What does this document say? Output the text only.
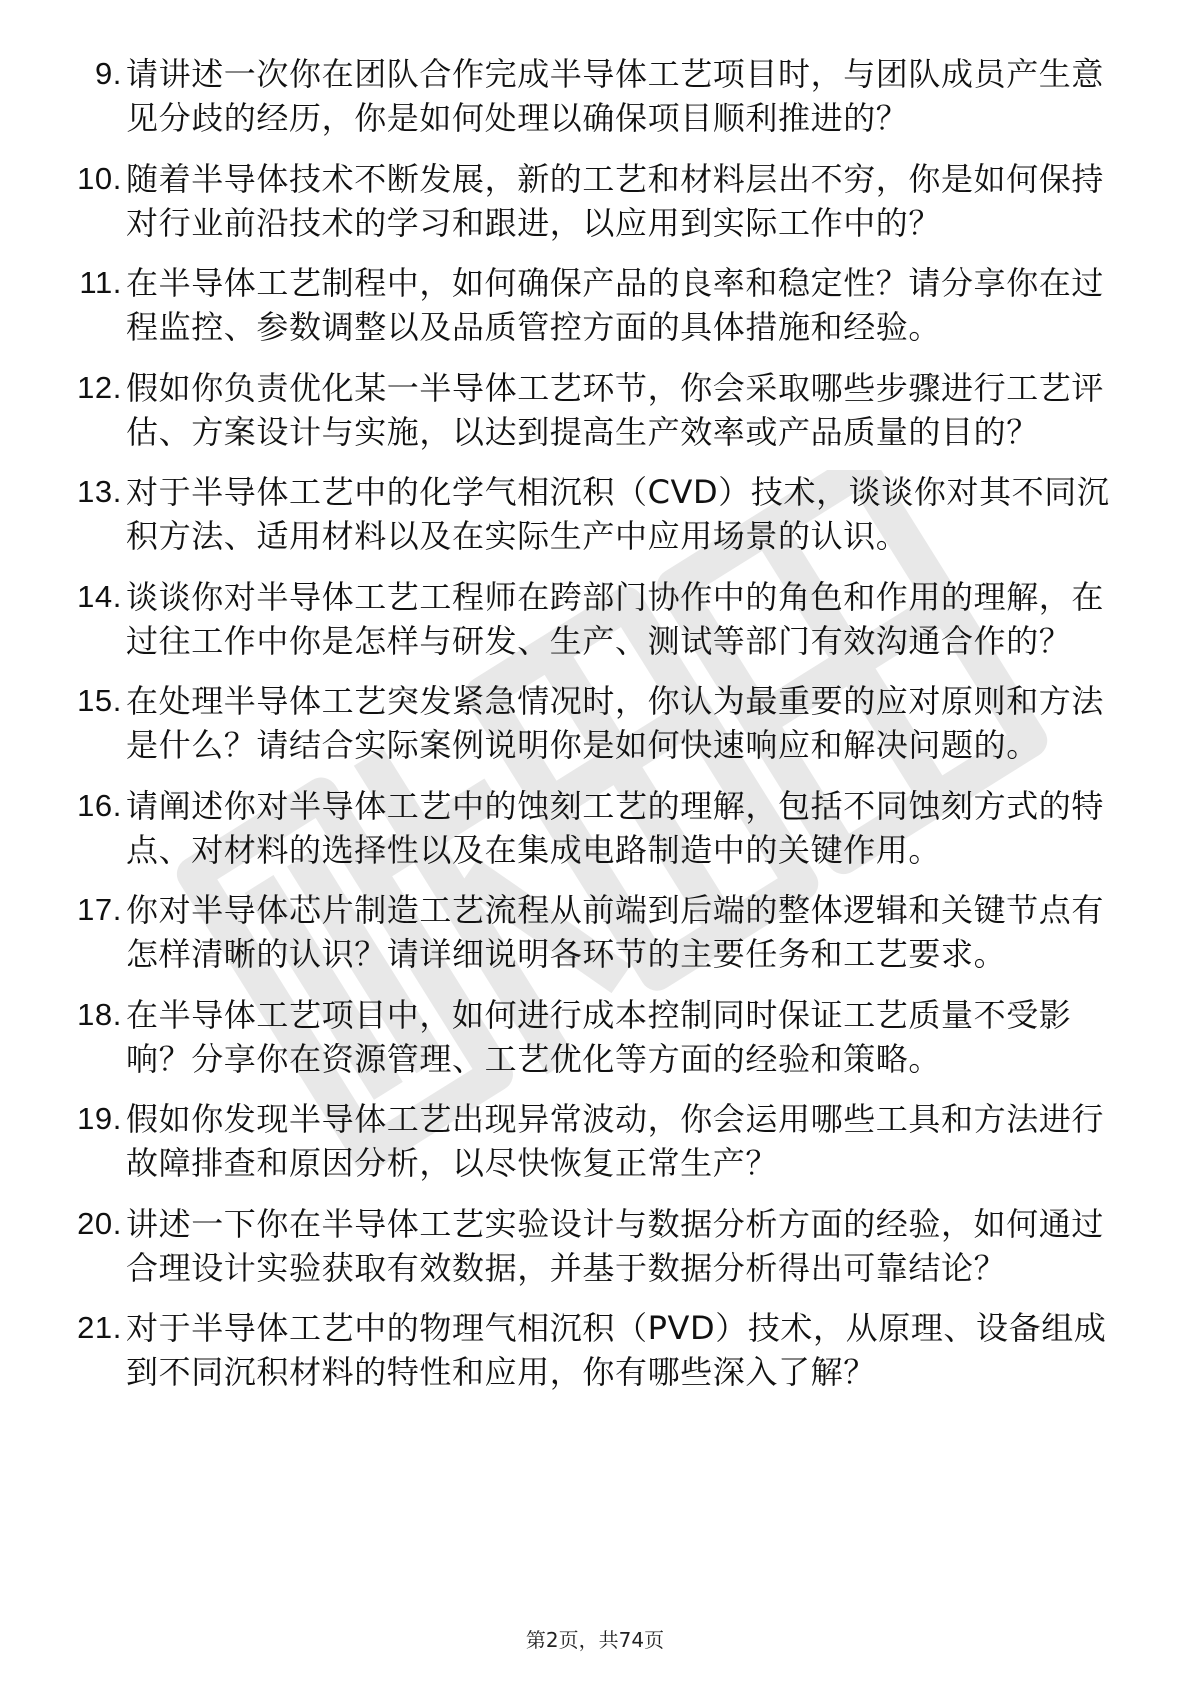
9. 请讲述一次你在团队合作完成半导体工艺项目时，与团队成员产生意见分歧的经历，你是如何处理以确保项目顺利推进的？
10. 随着半导体技术不断发展，新的工艺和材料层出不穷，你是如何保持对行业前沿技术的学习和跟进，以应用到实际工作中的？
11. 在半导体工艺制程中，如何确保产品的良率和稳定性？请分享你在过程监控、参数调整以及品质管控方面的具体措施和经验。
12. 假如你负责优化某一半导体工艺环节，你会采取哪些步骤进行工艺评估、方案设计与实施，以达到提高生产效率或产品质量的目的？
13. 对于半导体工艺中的化学气相沉积（CVD）技术，谈谈你对其不同沉积方法、适用材料以及在实际生产中应用场景的认识。
14. 谈谈你对半导体工艺工程师在跨部门协作中的角色和作用的理解，在过往工作中你是怎样与研发、生产、测试等部门有效沟通合作的？
15. 在处理半导体工艺突发紧急情况时，你认为最重要的应对原则和方法是什么？请结合实际案例说明你是如何快速响应和解决问题的。
16. 请阐述你对半导体工艺中的蚀刻工艺的理解，包括不同蚀刻方式的特点、对材料的选择性以及在集成电路制造中的关键作用。
17. 你对半导体芯片制造工艺流程从前端到后端的整体逻辑和关键节点有怎样清晰的认识？请详细说明各环节的主要任务和工艺要求。
18. 在半导体工艺项目中，如何进行成本控制同时保证工艺质量不受影响？分享你在资源管理、工艺优化等方面的经验和策略。
19. 假如你发现半导体工艺出现异常波动，你会运用哪些工具和方法进行故障排查和原因分析，以尽快恢复正常生产？
20. 讲述一下你在半导体工艺实验设计与数据分析方面的经验，如何通过合理设计实验获取有效数据，并基于数据分析得出可靠结论？
21. 对于半导体工艺中的物理气相沉积（PVD）技术，从原理、设备组成到不同沉积材料的特性和应用，你有哪些深入了解？
第2页，共74页
